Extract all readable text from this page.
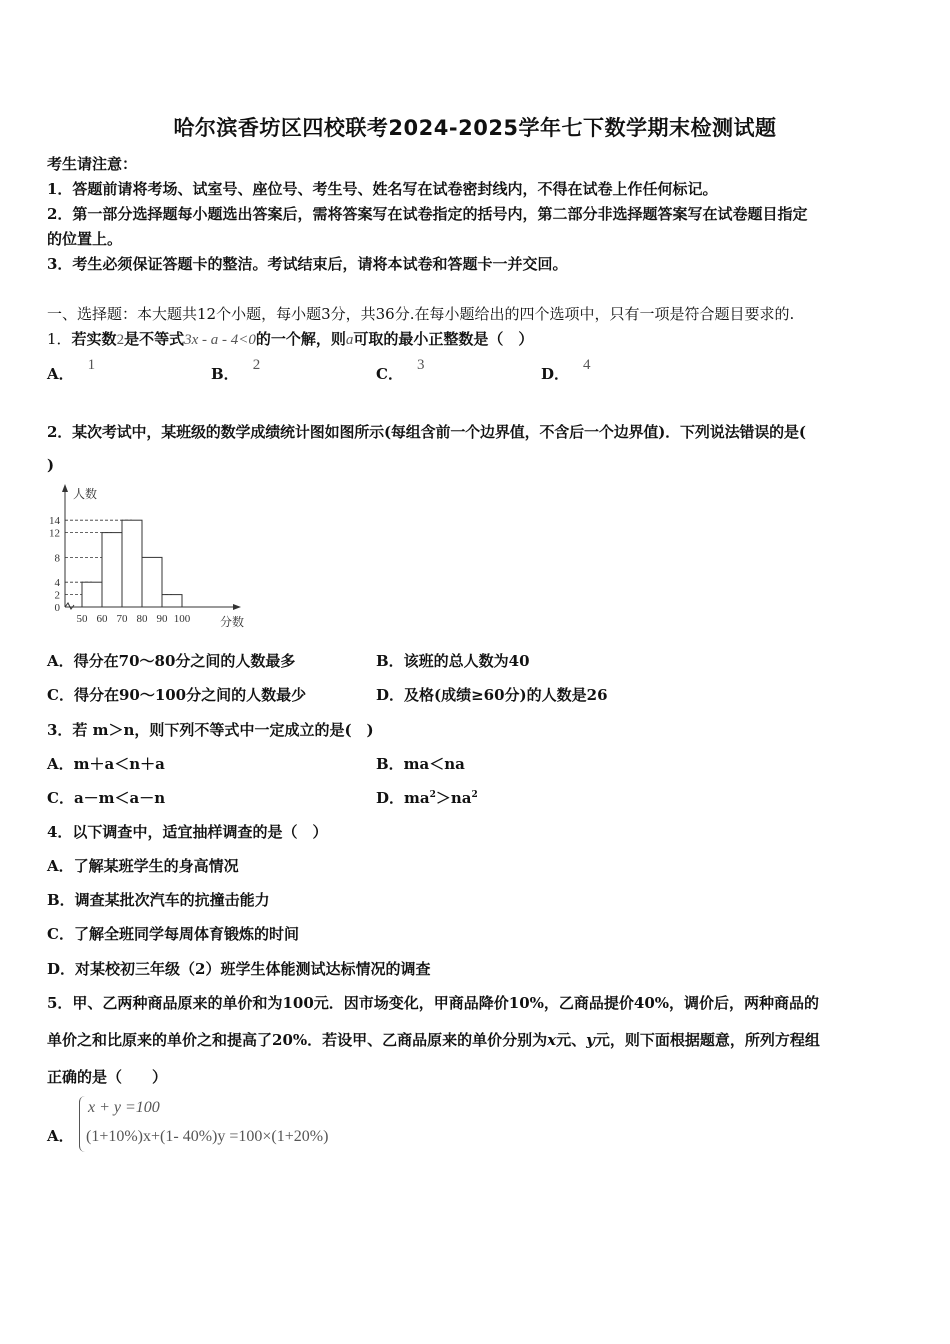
哈尔滨香坊区四校联考2024-2025学年七下数学期末检测试题
考生请注意：
1．答题前请将考场、试室号、座位号、考生号、姓名写在试卷密封线内，不得在试卷上作任何标记。
2．第一部分选择题每小题选出答案后，需将答案写在试卷指定的括号内，第二部分非选择题答案写在试卷题目指定
的位置上。
3．考生必须保证答题卡的整洁。考试结束后，请将本试卷和答题卡一并交回。
一、选择题：本大题共12个小题，每小题3分，共36分.在每小题给出的四个选项中，只有一项是符合题目要求的.
1．若实数2是不等式3x - a - 4<0的一个解，则a可取的最小正整数是（　）
A． 1	B． 2	C． 3	D． 4
2．某次考试中，某班级的数学成绩统计图如图所示(每组含前一个边界值，不含后一个边界值)．下列说法错误的是(
)
人数
分数
0
2
4
8
12
14
50 60 70 80 90 100
A．得分在70～80分之间的人数最多	B．该班的总人数为40
C．得分在90～100分之间的人数最少	D．及格(成绩≥60分)的人数是26
3．若 m＞n，则下列不等式中一定成立的是(　)
A．m＋a＜n＋a	B．ma＜na
C．a－m＜a－n	D．$ma^2>na^2$
4．以下调查中，适宜抽样调查的是（　）
A．了解某班学生的身高情况
B．调查某批次汽车的抗撞击能力
C．了解全班同学每周体育锻炼的时间
D．对某校初三年级（2）班学生体能测试达标情况的调查
5．甲、乙两种商品原来的单价和为100元．因市场变化，甲商品降价10%，乙商品提价40%，调价后，两种商品的
单价之和比原来的单价之和提高了20%．若设甲、乙商品原来的单价分别为x元、y元，则下面根据题意，所列方程组
正确的是（　　）
A．
x + y =100
(1+10%)x+(1- 40%)y =100×(1+20%)
